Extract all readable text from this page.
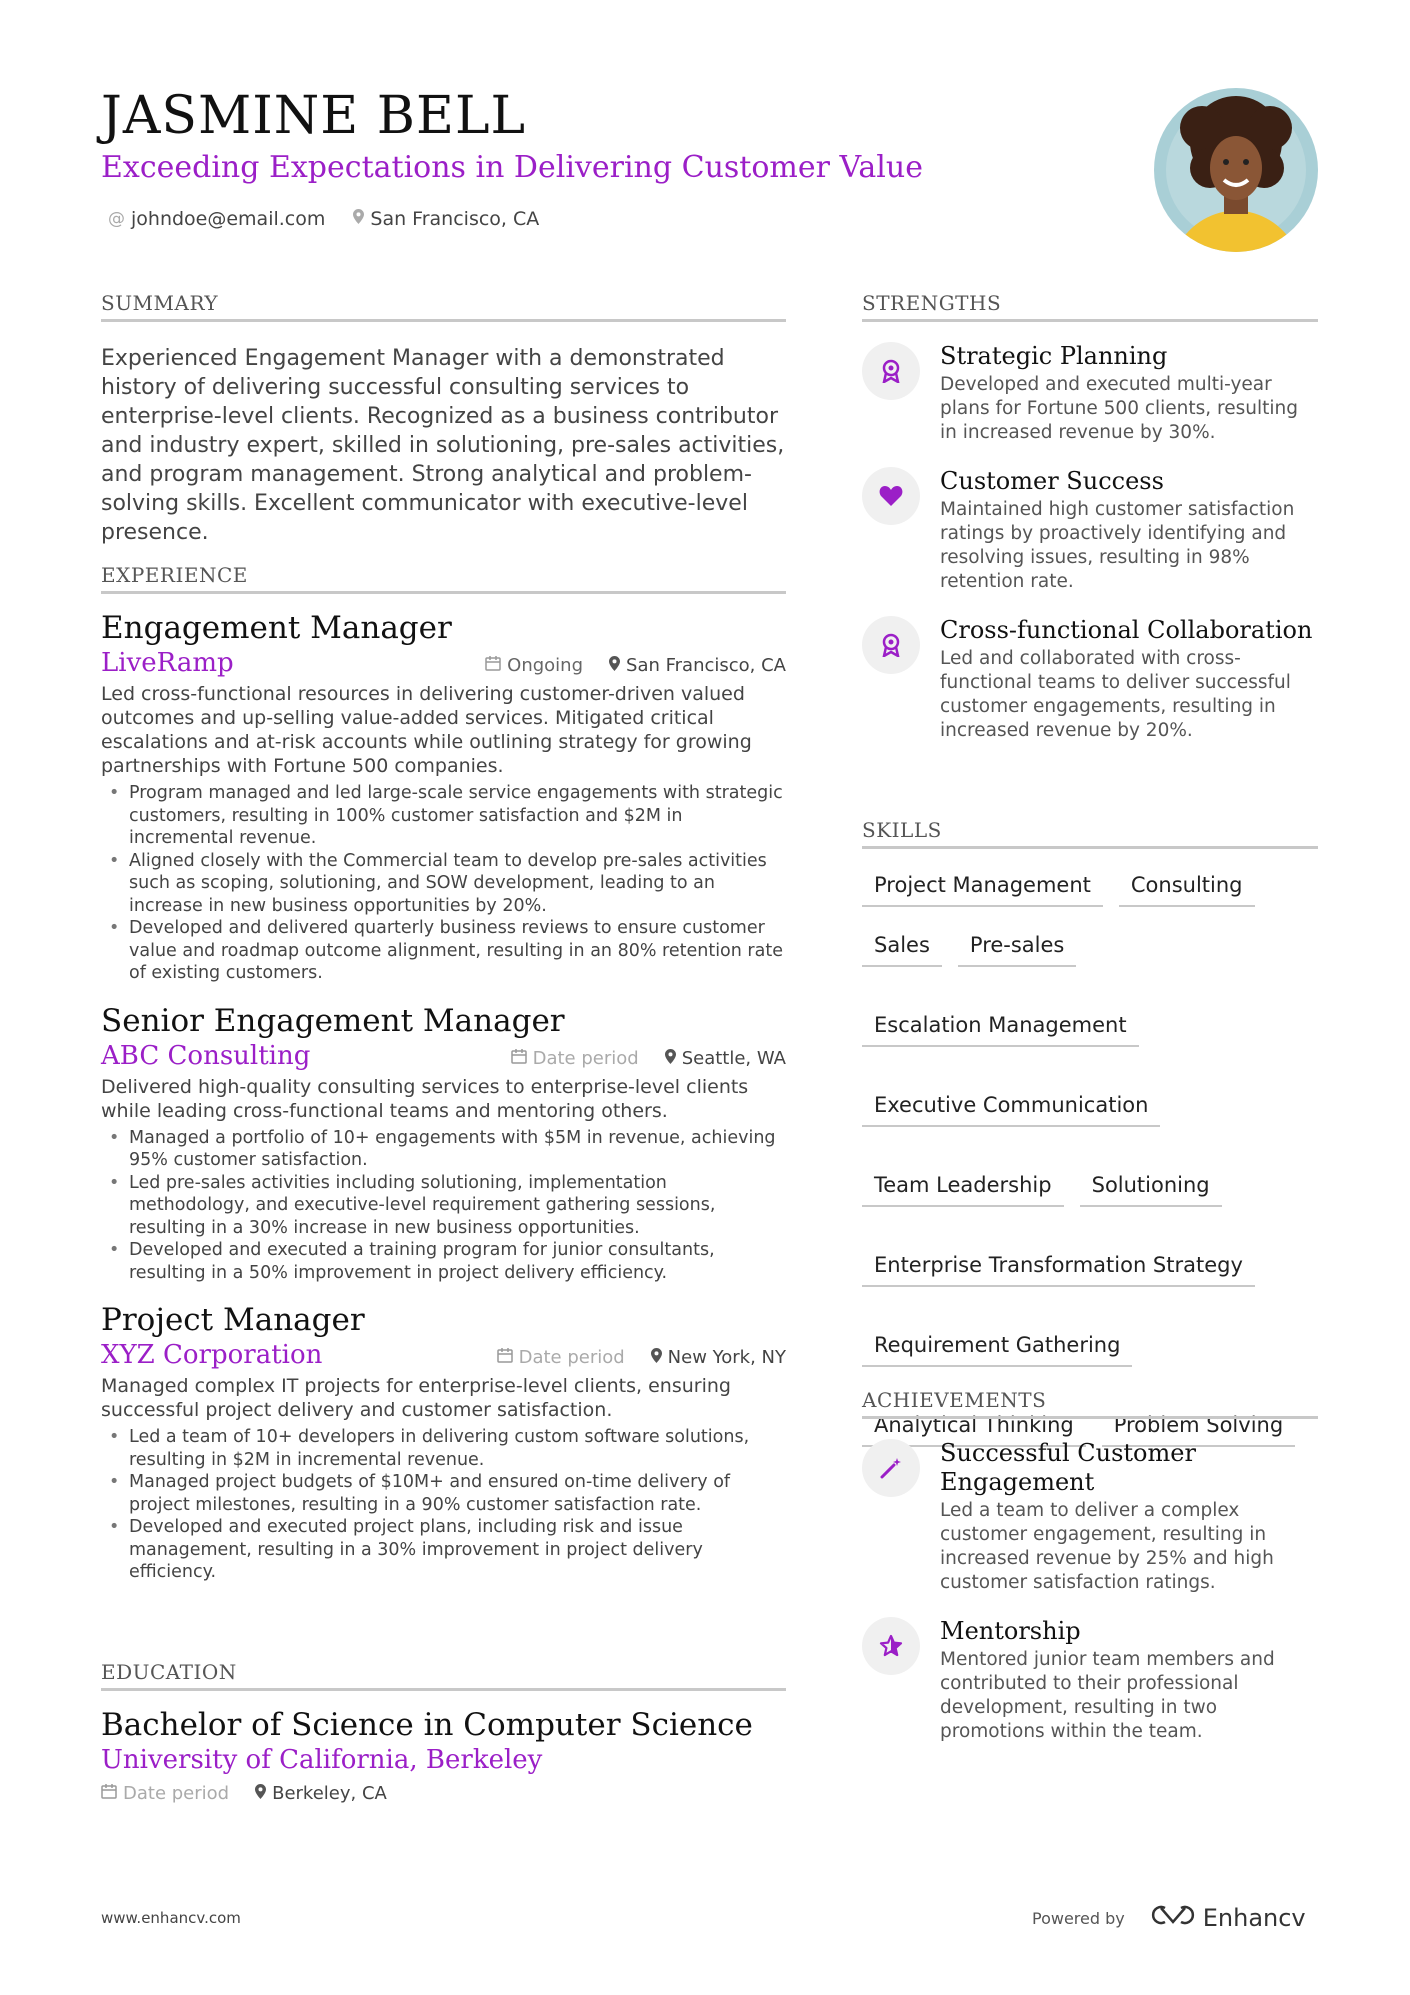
JASMINE BELL
Exceeding Expectations in Delivering Customer Value
@ johndoe@email.com San Francisco, CA
SUMMARY
Experienced Engagement Manager with a demonstrated history of delivering successful consulting services to enterprise-level clients. Recognized as a business contributor and industry expert, skilled in solutioning, pre-sales activities, and program management. Strong analytical and problem-solving skills. Excellent communicator with executive-level presence.
EXPERIENCE
Engagement Manager
LiveRamp	Ongoing San Francisco, CA
Led cross-functional resources in delivering customer-driven valued outcomes and up-selling value-added services. Mitigated critical escalations and at-risk accounts while outlining strategy for growing partnerships with Fortune 500 companies.
• Program managed and led large-scale service engagements with strategic customers, resulting in 100% customer satisfaction and $2M in incremental revenue.
• Aligned closely with the Commercial team to develop pre-sales activities such as scoping, solutioning, and SOW development, leading to an increase in new business opportunities by 20%.
• Developed and delivered quarterly business reviews to ensure customer value and roadmap outcome alignment, resulting in an 80% retention rate of existing customers.
Senior Engagement Manager
ABC Consulting	Date period Seattle, WA
Delivered high-quality consulting services to enterprise-level clients while leading cross-functional teams and mentoring others.
• Managed a portfolio of 10+ engagements with $5M in revenue, achieving 95% customer satisfaction.
• Led pre-sales activities including solutioning, implementation methodology, and executive-level requirement gathering sessions, resulting in a 30% increase in new business opportunities.
• Developed and executed a training program for junior consultants, resulting in a 50% improvement in project delivery efficiency.
Project Manager
XYZ Corporation	Date period New York, NY
Managed complex IT projects for enterprise-level clients, ensuring successful project delivery and customer satisfaction.
• Led a team of 10+ developers in delivering custom software solutions, resulting in $2M in incremental revenue.
• Managed project budgets of $10M+ and ensured on-time delivery of project milestones, resulting in a 90% customer satisfaction rate.
• Developed and executed project plans, including risk and issue management, resulting in a 30% improvement in project delivery efficiency.
EDUCATION
Bachelor of Science in Computer Science
University of California, Berkeley
Date period Berkeley, CA
STRENGTHS
Strategic Planning
Developed and executed multi-year plans for Fortune 500 clients, resulting in increased revenue by 30%.
Customer Success
Maintained high customer satisfaction ratings by proactively identifying and resolving issues, resulting in 98% retention rate.
Cross-functional Collaboration
Led and collaborated with cross-functional teams to deliver successful customer engagements, resulting in increased revenue by 20%.
SKILLS
Project Management	Consulting
Sales	Pre-sales
Escalation Management
Executive Communication
Team Leadership	Solutioning
Enterprise Transformation Strategy
Requirement Gathering
Analytical Thinking	Problem Solving
ACHIEVEMENTS
Successful Customer Engagement
Led a team to deliver a complex customer engagement, resulting in increased revenue by 25% and high customer satisfaction ratings.
Mentorship
Mentored junior team members and contributed to their professional development, resulting in two promotions within the team.
www.enhancv.com	Powered by	Enhancv
